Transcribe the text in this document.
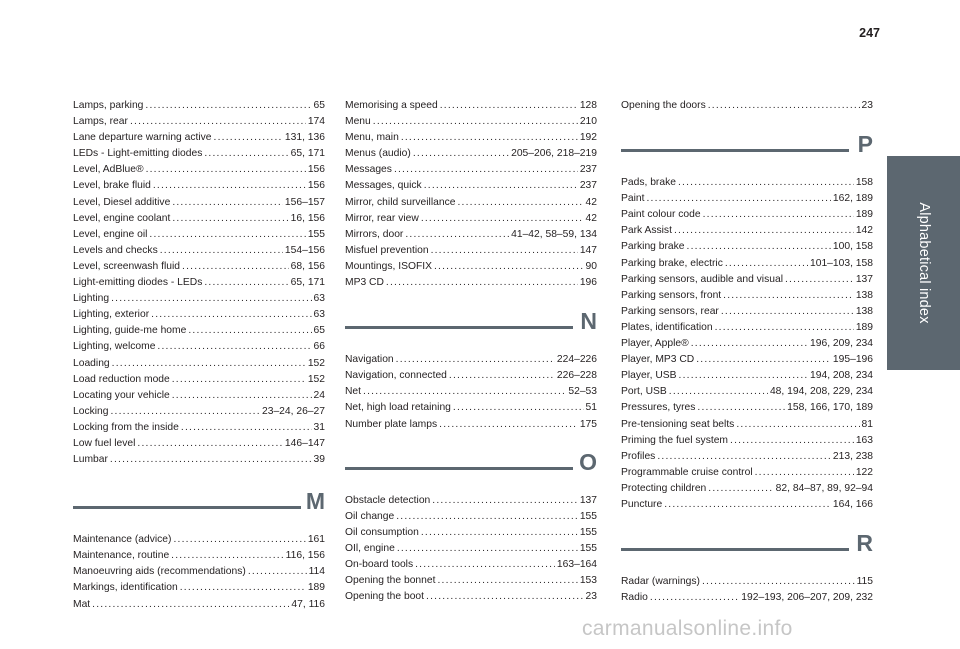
247
Alphabetical index
Lamps, parking .....	65
Lamps, rear .....	174
Lane departure warning active .....	131, 136
LEDs - Light-emitting diodes .....	65, 171
Level, AdBlue® .....	156
Level, brake fluid .....	156
Level, Diesel additive .....	156–157
Level, engine coolant .....	16, 156
Level, engine oil .....	155
Levels and checks .....	154–156
Level, screenwash fluid .....	68, 156
Light-emitting diodes - LEDs .....	65, 171
Lighting .....	63
Lighting, exterior .....	63
Lighting, guide-me home .....	65
Lighting, welcome .....	66
Loading .....	152
Load reduction mode .....	152
Locating your vehicle .....	24
Locking .....	23–24, 26–27
Locking from the inside .....	31
Low fuel level .....	146–147
Lumbar .....	39
M
Maintenance (advice) .....	161
Maintenance, routine .....	116, 156
Manoeuvring aids (recommendations) .....	114
Markings, identification .....	189
Mat .....	47, 116
Memorising a speed .....	128
Menu .....	210
Menu, main .....	192
Menus (audio) .....	205–206, 218–219
Messages .....	237
Messages, quick .....	237
Mirror, child surveillance .....	42
Mirror, rear view .....	42
Mirrors, door .....	41–42, 58–59, 134
Misfuel prevention .....	147
Mountings, ISOFIX .....	90
MP3 CD .....	196
N
Navigation .....	224–226
Navigation, connected .....	226–228
Net .....	52–53
Net, high load retaining .....	51
Number plate lamps .....	175
O
Obstacle detection .....	137
Oil change .....	155
Oil consumption .....	155
OIl, engine .....	155
On-board tools .....	163–164
Opening the bonnet .....	153
Opening the boot .....	23
Opening the doors .....	23
P
Pads, brake .....	158
Paint .....	162, 189
Paint colour code .....	189
Park Assist .....	142
Parking brake .....	100, 158
Parking brake, electric .....	101–103, 158
Parking sensors, audible and visual .....	137
Parking sensors, front .....	138
Parking sensors, rear .....	138
Plates, identification .....	189
Player, Apple® .....	196, 209, 234
Player, MP3 CD .....	195–196
Player, USB .....	194, 208, 234
Port, USB .....	48, 194, 208, 229, 234
Pressures, tyres .....	158, 166, 170, 189
Pre-tensioning seat belts .....	81
Priming the fuel system .....	163
Profiles .....	213, 238
Programmable cruise control .....	122
Protecting children .....	82, 84–87, 89, 92–94
Puncture .....	164, 166
R
Radar (warnings) .....	115
Radio .....	192–193, 206–207, 209, 232
carmanualsonline.info
